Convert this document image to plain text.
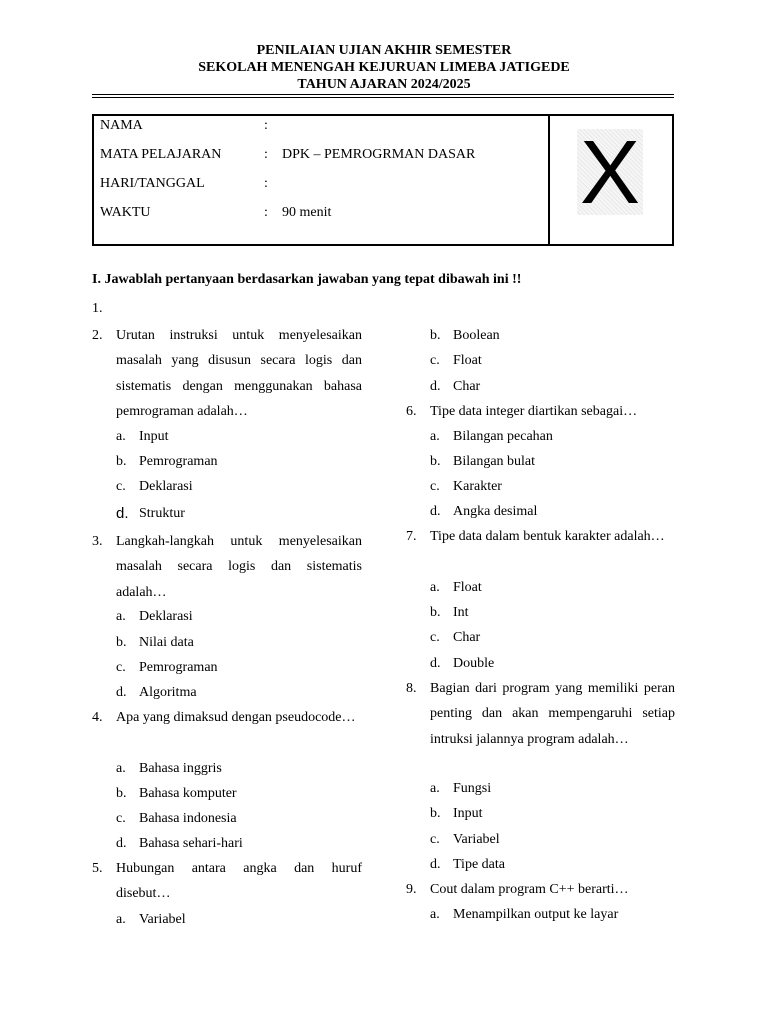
PENILAIAN UJIAN AKHIR SEMESTER
SEKOLAH MENENGAH KEJURUAN LIMEBA JATIGEDE
TAHUN AJARAN 2024/2025
NAMA	:
MATA PELAJARAN	: DPK – PEMROGRMAN DASAR
HARI/TANGGAL	:
WAKTU	: 90 menit	X
I. Jawablah pertanyaan berdasarkan jawaban yang tepat dibawah ini !!
1.
2. Urutan instruksi untuk menyelesaikan masalah yang disusun secara logis dan sistematis dengan menggunakan bahasa pemrograman adalah…
a. Input
b. Pemrograman
c. Deklarasi
d. Struktur
3. Langkah-langkah untuk menyelesaikan masalah secara logis dan sistematis adalah…
a. Deklarasi
b. Nilai data
c. Pemrograman
d. Algoritma
4. Apa yang dimaksud dengan pseudocode…
a. Bahasa inggris
b. Bahasa komputer
c. Bahasa indonesia
d. Bahasa sehari-hari
5. Hubungan antara angka dan huruf disebut…
a. Variabel
b. Boolean
c. Float
d. Char
6. Tipe data integer diartikan sebagai…
a. Bilangan pecahan
b. Bilangan bulat
c. Karakter
d. Angka desimal
7. Tipe data dalam bentuk karakter adalah…
a. Float
b. Int
c. Char
d. Double
8. Bagian dari program yang memiliki peran penting dan akan mempengaruhi setiap intruksi jalannya program adalah…
a. Fungsi
b. Input
c. Variabel
d. Tipe data
9. Cout dalam program C++ berarti…
a. Menampilkan output ke layar
